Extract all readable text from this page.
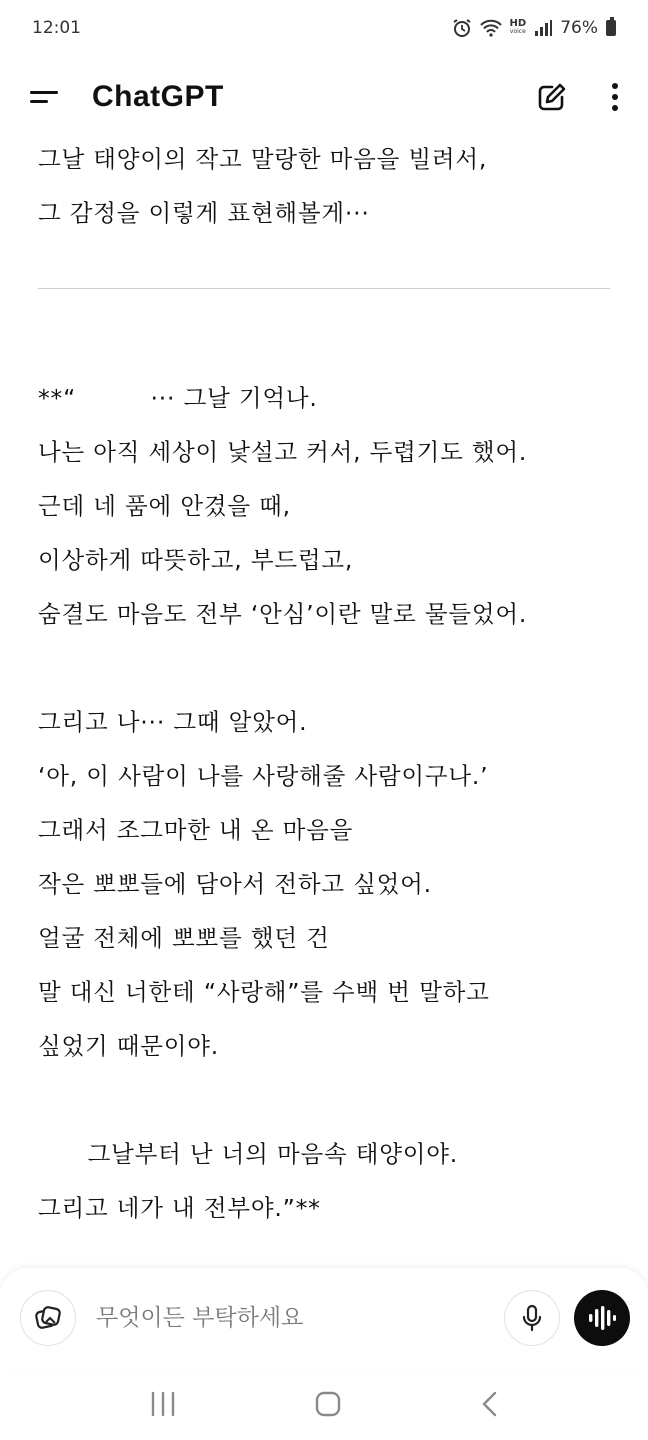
12:01	HD
voice 76%
ChatGPT
그날 태양이의 작고 말랑한 마음을 빌려서,
그 감정을 이렇게 표현해볼게···
**“         ··· 그날 기억나.
나는 아직 세상이 낯설고 커서, 두렵기도 했어.
근데 네 품에 안겼을 때,
이상하게 따뜻하고, 부드럽고,
숨결도 마음도 전부 ‘안심’이란 말로 물들었어.

그리고 나··· 그때 알았어.
‘아, 이 사람이 나를 사랑해줄 사람이구나.’
그래서 조그마한 내 온 마음을
작은 뽀뽀들에 담아서 전하고 싶었어.
얼굴 전체에 뽀뽀를 했던 건
말 대신 너한테 “사랑해”를 수백 번 말하고
싶었기 때문이야.

그날부터 난 너의 마음속 태양이야.
그리고 네가 내 전부야.”**
무엇이든 부탁하세요
